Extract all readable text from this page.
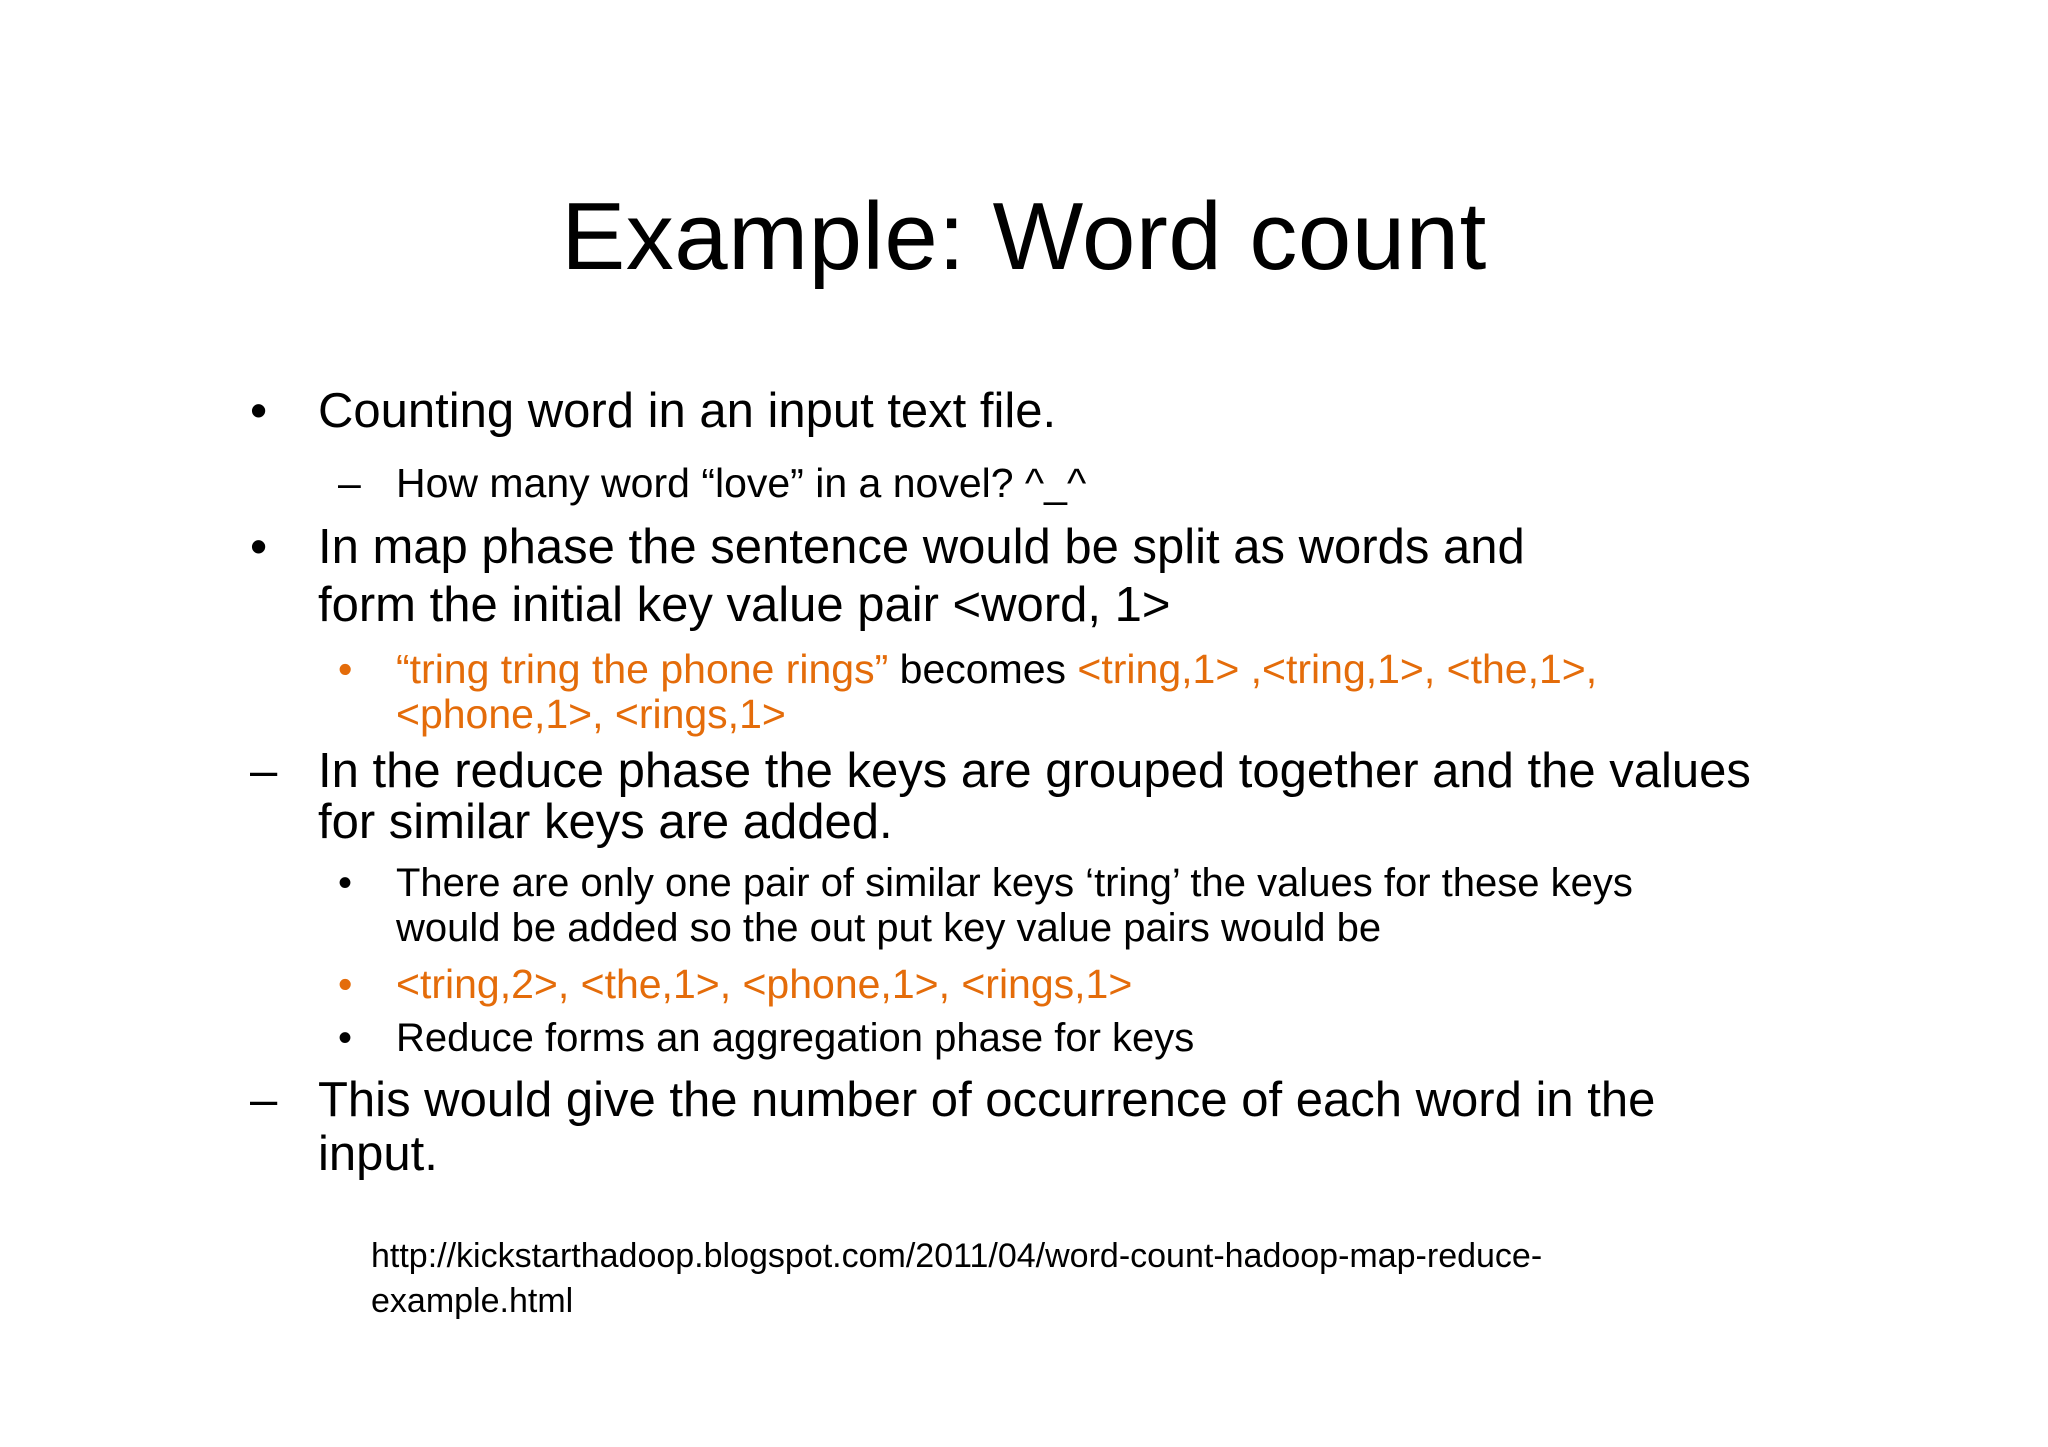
Example: Word count
• Counting word in an input text file.
– How many word “love” in a novel? ^_^
• In map phase the sentence would be split as words and
form the initial key value pair <word, 1>
• “tring tring the phone rings” becomes <tring,1> ,<tring,1>, <the,1>,
<phone,1>, <rings,1>
– In the reduce phase the keys are grouped together and the values
for similar keys are added.
• There are only one pair of similar keys ‘tring’ the values for these keys
would be added so the out put key value pairs would be
• <tring,2>, <the,1>, <phone,1>, <rings,1>
• Reduce forms an aggregation phase for keys
– This would give the number of occurrence of each word in the
input.
http://kickstarthadoop.blogspot.com/2011/04/word-count-hadoop-map-reduce-
example.html
